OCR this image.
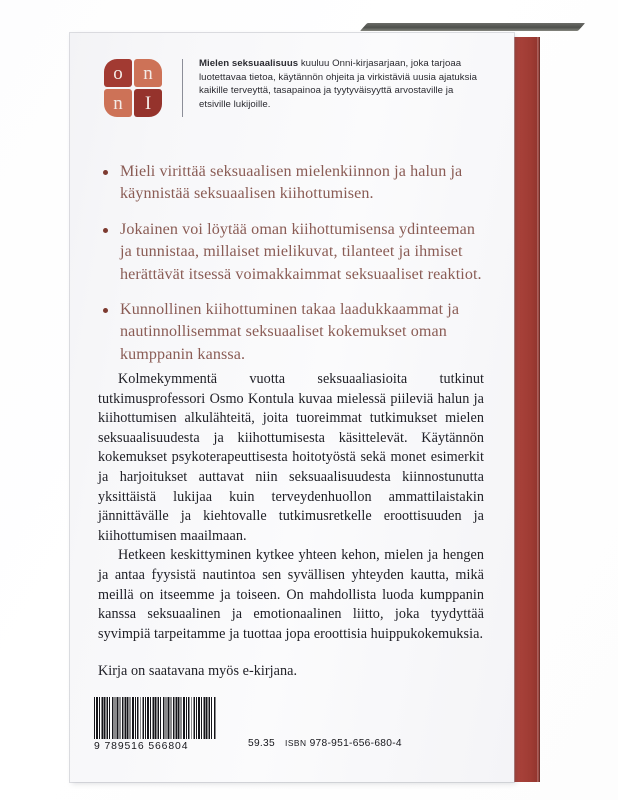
o	n
n	I
Mielen seksuaalisuus kuuluu Onni-kirjasarjaan, joka tarjoaa luotettavaa tietoa, käytännön ohjeita ja virkistäviä uusia ajatuksia kaikille terveyttä, tasapainoa ja tyytyväisyyttä arvostaville ja etsiville lukijoille.
Mieli virittää seksuaalisen mielenkiinnon ja halun ja käynnistää seksuaalisen kiihottumisen.
Jokainen voi löytää oman kiihottumisensa ydinteeman ja tunnistaa, millaiset mielikuvat, tilanteet ja ihmiset herättävät itsessä voimakkaimmat seksuaaliset reaktiot.
Kunnollinen kiihottuminen takaa laadukkaammat ja nautinnollisemmat seksuaaliset kokemukset oman kumppanin kanssa.

Kolmekymmentä vuotta seksuaaliasioita tutkinut tutkimusprofessori Osmo Kontula kuvaa mielessä piileviä halun ja kiihottumisen alkulähteitä, joita tuoreimmat tutkimukset mielen seksuaalisuudesta ja kiihottumisesta käsittelevät. Käytännön kokemukset psykoterapeuttisesta hoitotyöstä sekä monet esimerkit ja harjoitukset auttavat niin seksuaalisuudesta kiinnostunutta yksittäistä lukijaa kuin terveydenhuollon ammattilaistakin jännittävälle ja kiehtovalle tutkimusretkelle eroottisuuden ja kiihottumisen maailmaan.

Hetkeen keskittyminen kytkee yhteen kehon, mielen ja hengen ja antaa fyysistä nautintoa sen syvällisen yhteyden kautta, mikä meillä on itseemme ja toiseen. On mahdollista luoda kumppanin kanssa seksuaalinen ja emotionaalinen liitto, joka tyydyttää syvimpiä tarpeitamme ja tuottaa jopa eroottisia huippukokemuksia.

Kirja on saatavana myös e-kirjana.

9 789516 566804	59.35 ISBN 978-951-656-680-4
